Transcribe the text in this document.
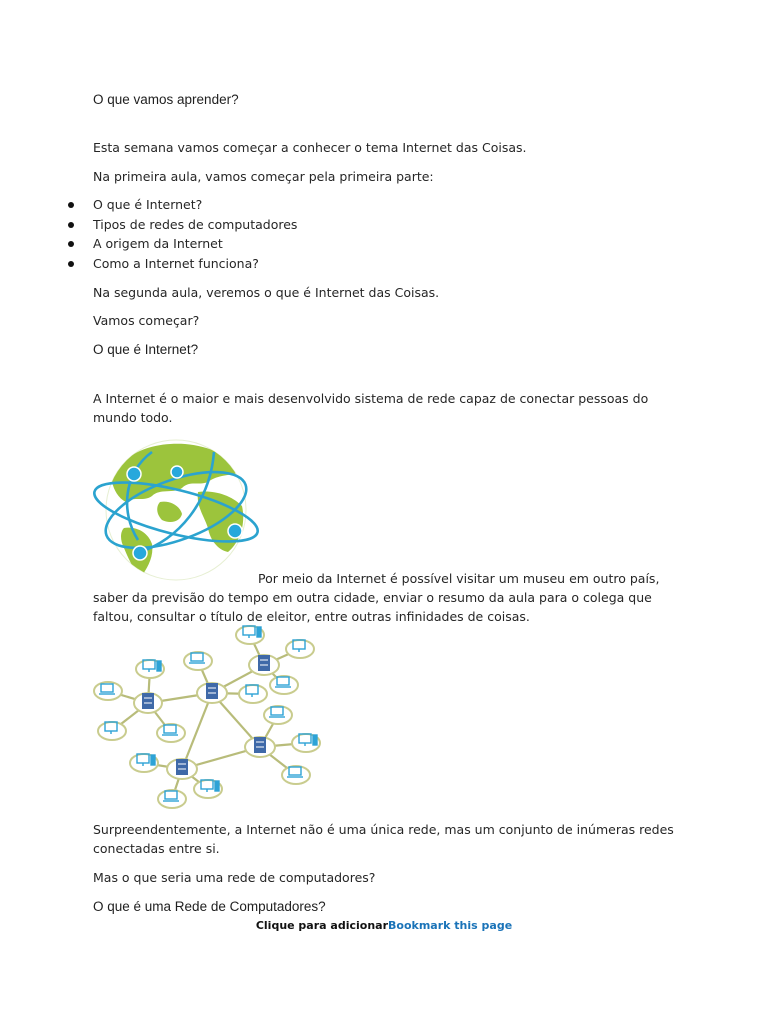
O que vamos aprender?

Esta semana vamos começar a conhecer o tema Internet das Coisas.

Na primeira aula, vamos começar pela primeira parte:

O que é Internet?
Tipos de redes de computadores
A origem da Internet
Como a Internet funciona?

Na segunda aula, veremos o que é Internet das Coisas.

Vamos começar?

O que é Internet?

A Internet é o maior e mais desenvolvido sistema de rede capaz de conectar pessoas do mundo todo.

Por meio da Internet é possível visitar um museu em outro país,

saber da previsão do tempo em outra cidade, enviar o resumo da aula para o colega que faltou, consultar o título de eleitor, entre outras infinidades de coisas.

Surpreendentemente, a Internet não é uma única rede, mas um conjunto de inúmeras redes conectadas entre si.

Mas o que seria uma rede de computadores?

O que é uma Rede de Computadores?
Clique para adicionarBookmark this page
